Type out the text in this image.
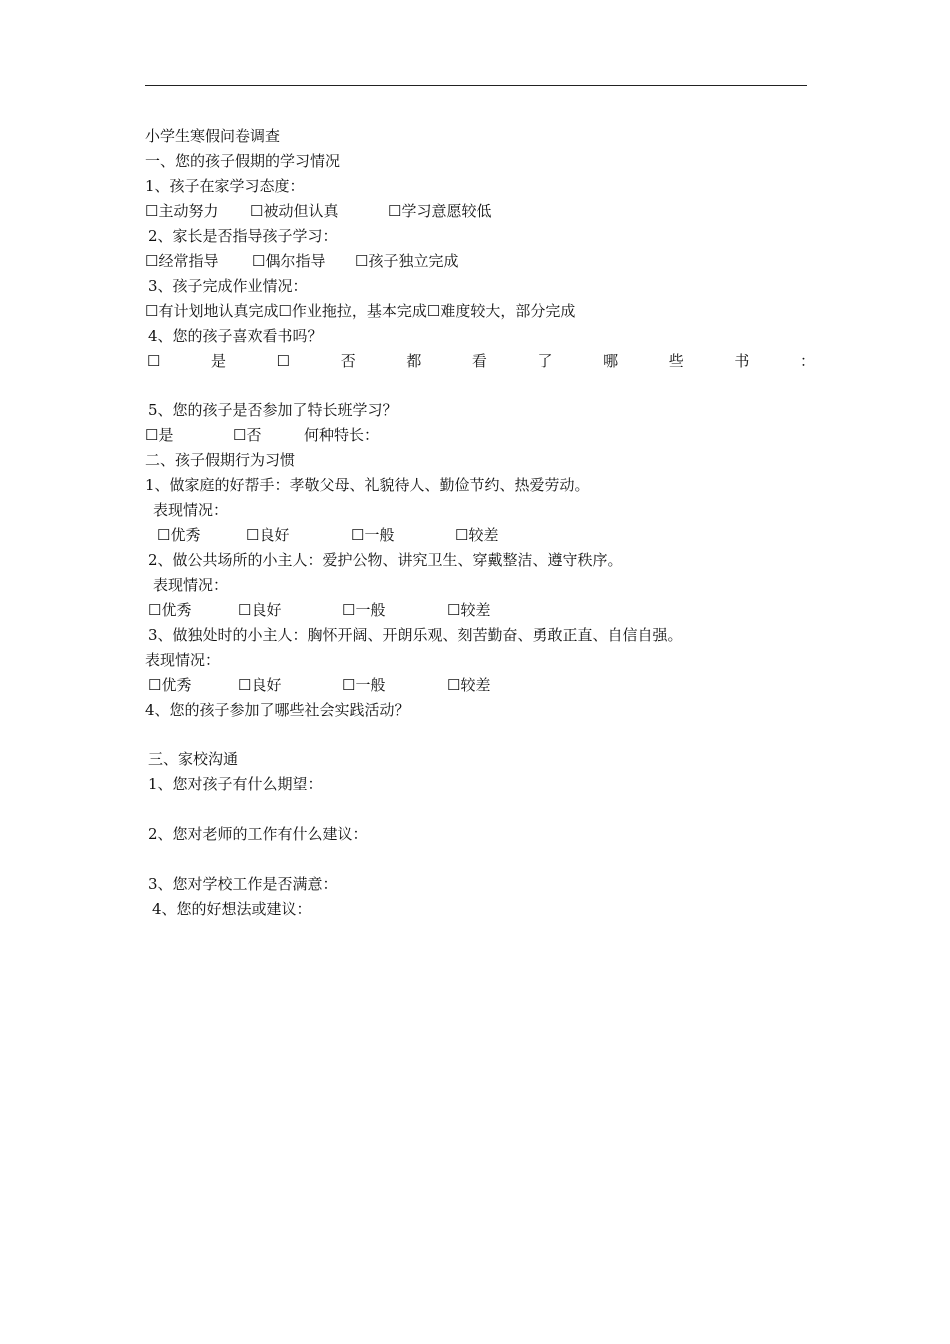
小学生寒假问卷调查
一、您的孩子假期的学习情况
1、孩子在家学习态度：
☐主动努力 ☐被动但认真	☐学习意愿较低
2、家长是否指导孩子学习：
☐经常指导 ☐偶尔指导 ☐孩子独立完成
3、孩子完成作业情况：
☐有计划地认真完成☐作业拖拉，基本完成☐难度较大，部分完成
4、您的孩子喜欢看书吗？
☐	是	☐	否	都	看	了	哪	些	书	：
5、您的孩子是否参加了特长班学习？
☐是	☐否	何种特长：
二、孩子假期行为习惯
1、做家庭的好帮手：孝敬父母、礼貌待人、勤俭节约、热爱劳动。
表现情况：
☐优秀	☐良好	☐一般	☐较差
2、做公共场所的小主人：爱护公物、讲究卫生、穿戴整洁、遵守秩序。
表现情况：
☐优秀	☐良好	☐一般	☐较差
3、做独处时的小主人：胸怀开阔、开朗乐观、刻苦勤奋、勇敢正直、自信自强。
表现情况：
☐优秀	☐良好	☐一般	☐较差
4、您的孩子参加了哪些社会实践活动？
三、家校沟通
1、您对孩子有什么期望：
2、您对老师的工作有什么建议：
3、您对学校工作是否满意：
4、您的好想法或建议：
